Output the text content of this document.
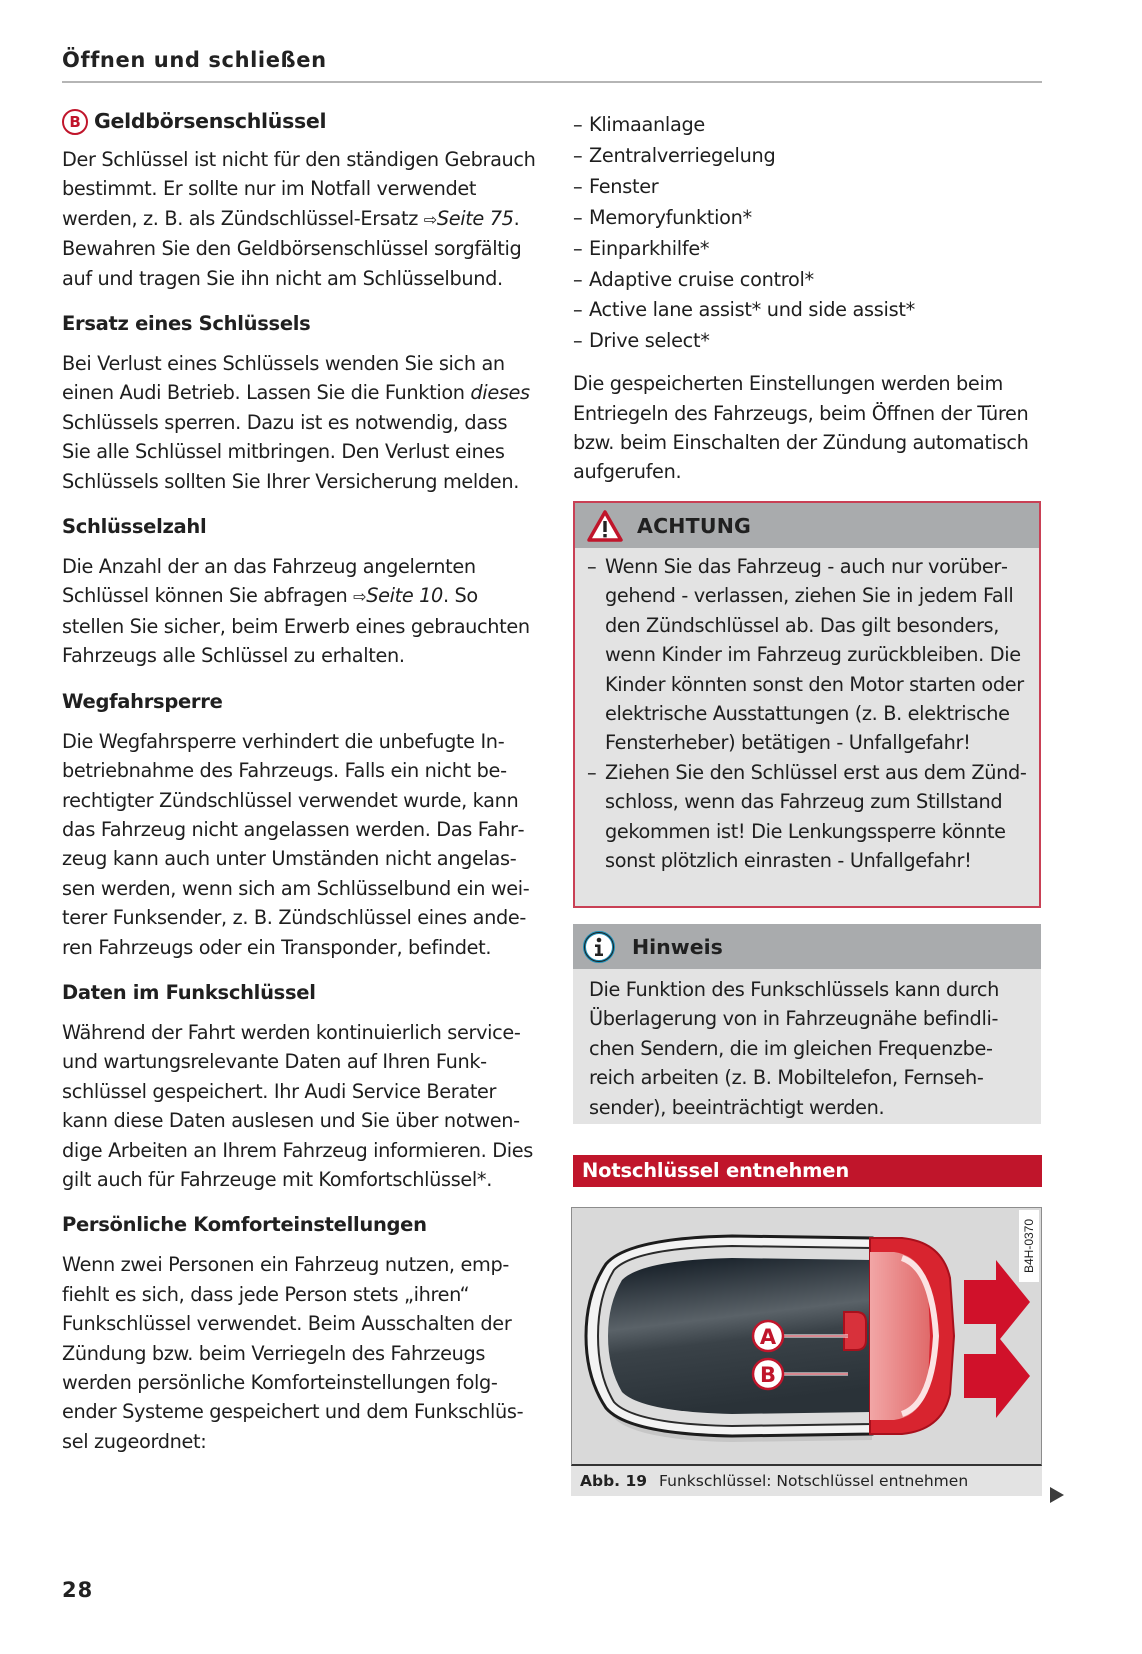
Öffnen und schließen
B Geldbörsenschlüssel

Der Schlüssel ist nicht für den ständigen Gebrauch bestimmt. Er sollte nur im Notfall verwendet werden, z. B. als Zündschlüssel-Ersatz ⇨Seite 75. Bewahren Sie den Geldbörsenschlüssel sorgfältig auf und tragen Sie ihn nicht am Schlüsselbund.

Ersatz eines Schlüssels

Bei Verlust eines Schlüssels wenden Sie sich an einen Audi Betrieb. Lassen Sie die Funktion dieses Schlüssels sperren. Dazu ist es notwendig, dass Sie alle Schlüssel mitbringen. Den Verlust eines Schlüssels sollten Sie Ihrer Versicherung melden.

Schlüsselzahl

Die Anzahl der an das Fahrzeug angelernten Schlüssel können Sie abfragen ⇨Seite 10. So stellen Sie sicher, beim Erwerb eines gebrauchten Fahrzeugs alle Schlüssel zu erhalten.

Wegfahrsperre

Die Wegfahrsperre verhindert die unbefugte Inbetriebnahme des Fahrzeugs. Falls ein nicht berechtigter Zündschlüssel verwendet wurde, kann das Fahrzeug nicht angelassen werden. Das Fahrzeug kann auch unter Umständen nicht angelassen werden, wenn sich am Schlüsselbund ein weiterer Funksender, z. B. Zündschlüssel eines anderen Fahrzeugs oder ein Transponder, befindet.

Daten im Funkschlüssel

Während der Fahrt werden kontinuierlich service- und wartungsrelevante Daten auf Ihren Funkschlüssel gespeichert. Ihr Audi Service Berater kann diese Daten auslesen und Sie über notwendige Arbeiten an Ihrem Fahrzeug informieren. Dies gilt auch für Fahrzeuge mit Komfortschlüssel*.

Persönliche Komforteinstellungen

Wenn zwei Personen ein Fahrzeug nutzen, empfiehlt es sich, dass jede Person stets „ihren“ Funkschlüssel verwendet. Beim Ausschalten der Zündung bzw. beim Verriegeln des Fahrzeugs werden persönliche Komforteinstellungen folgender Systeme gespeichert und dem Funkschlüssel zugeordnet:

– Klimaanlage
– Zentralverriegelung
– Fenster
– Memoryfunktion*
– Einparkhilfe*
– Adaptive cruise control*
– Active lane assist* und side assist*
– Drive select*

Die gespeicherten Einstellungen werden beim Entriegeln des Fahrzeugs, beim Öffnen der Türen bzw. beim Einschalten der Zündung automatisch aufgerufen.

ACHTUNG
– Wenn Sie das Fahrzeug - auch nur vorübergehend - verlassen, ziehen Sie in jedem Fall den Zündschlüssel ab. Das gilt besonders, wenn Kinder im Fahrzeug zurückbleiben. Die Kinder könnten sonst den Motor starten oder elektrische Ausstattungen (z. B. elektrische Fensterheber) betätigen - Unfallgefahr!
– Ziehen Sie den Schlüssel erst aus dem Zündschloss, wenn das Fahrzeug zum Stillstand gekommen ist! Die Lenkungssperre könnte sonst plötzlich einrasten - Unfallgefahr!
Hinweis
Die Funktion des Funkschlüssels kann durch Überlagerung von in Fahrzeugnähe befindlichen Sendern, die im gleichen Frequenzbereich arbeiten (z. B. Mobiltelefon, Fernsehsender), beeinträchtigt werden.
Notschlüssel entnehmen
A
B
B4H-0370
Abb. 19 Funkschlüssel: Notschlüssel entnehmen
28
